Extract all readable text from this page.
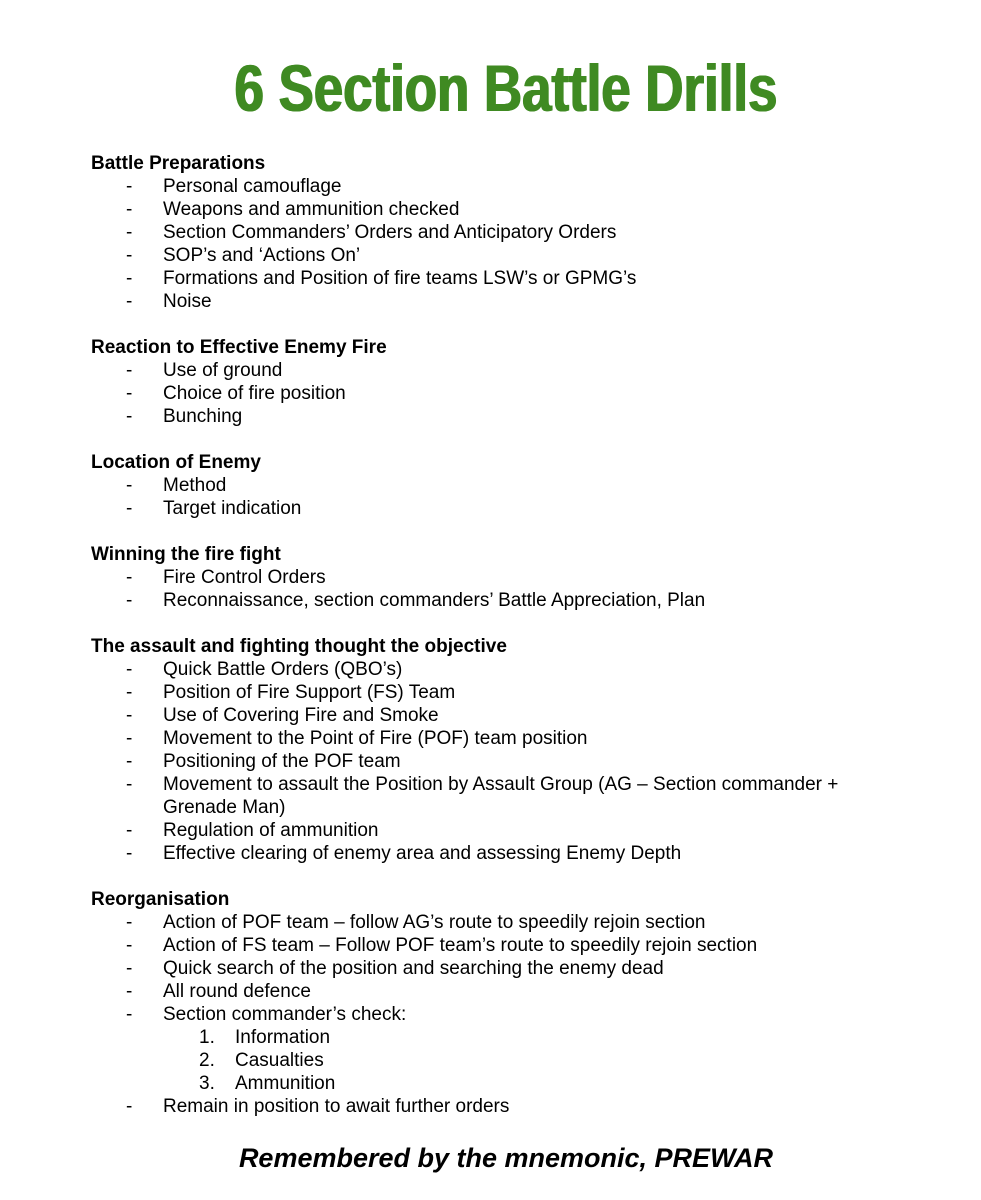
6 Section Battle Drills
Battle Preparations
-	Personal camouflage
-	Weapons and ammunition checked
-	Section Commanders’ Orders and Anticipatory Orders
-	SOP’s and ‘Actions On’
-	Formations and Position of fire teams LSW’s or GPMG’s
-	Noise
Reaction to Effective Enemy Fire
-	Use of ground
-	Choice of fire position
-	Bunching
Location of Enemy
-	Method
-	Target indication
Winning the fire fight
-	Fire Control Orders
-	Reconnaissance, section commanders’ Battle Appreciation, Plan
The assault and fighting thought the objective
-	Quick Battle Orders (QBO’s)
-	Position of Fire Support (FS) Team
-	Use of Covering Fire and Smoke
-	Movement to the Point of Fire (POF) team position
-	Positioning of the POF team
-	Movement to assault the Position by Assault Group (AG – Section commander + Grenade Man)
-	Regulation of ammunition
-	Effective clearing of enemy area and assessing Enemy Depth
Reorganisation
-	Action of POF team – follow AG’s route to speedily rejoin section
-	Action of FS team – Follow POF team’s route to speedily rejoin section
-	Quick search of the position and searching the enemy dead
-	All round defence
-	Section commander’s check:
1.	Information
2.	Casualties
3.	Ammunition
-	Remain in position to await further orders
Remembered by the mnemonic, PREWAR
